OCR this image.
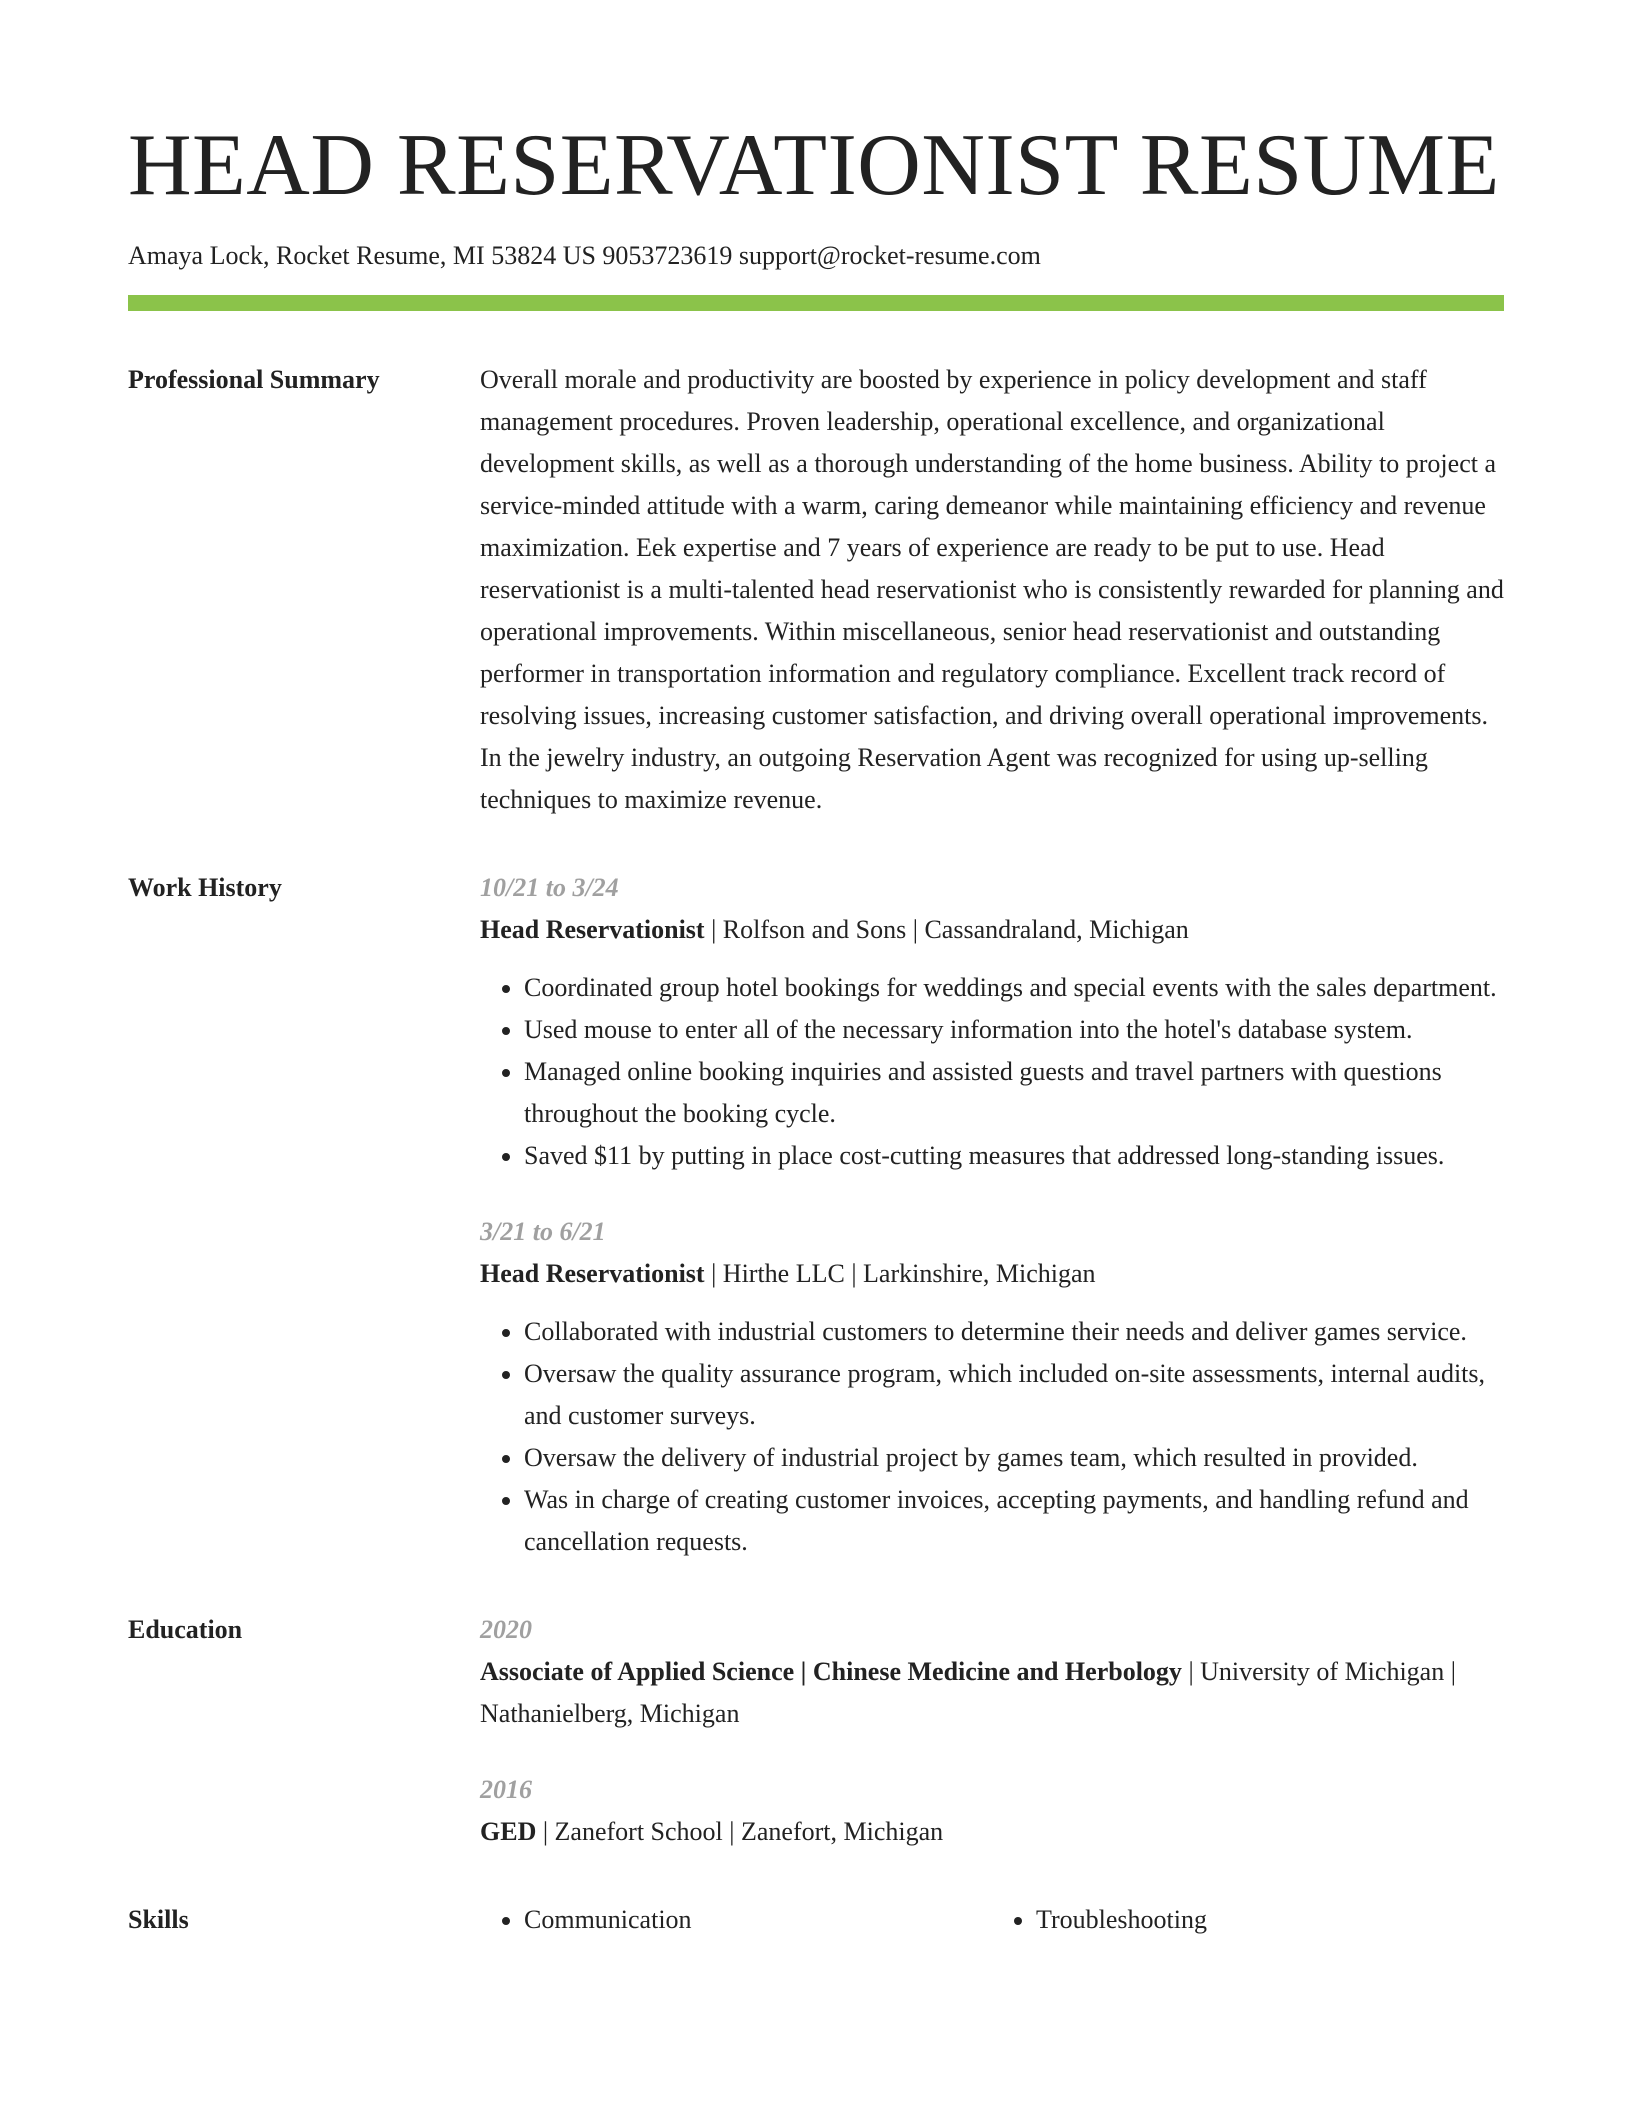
HEAD RESERVATIONIST RESUME
Amaya Lock, Rocket Resume, MI 53824 US 9053723619 support@rocket-resume.com
Professional Summary	Overall morale and productivity are boosted by experience in policy development and staff management procedures. Proven leadership, operational excellence, and organizational development skills, as well as a thorough understanding of the home business. Ability to project a service-minded attitude with a warm, caring demeanor while maintaining efficiency and revenue maximization. Eek expertise and 7 years of experience are ready to be put to use. Head reservationist is a multi-talented head reservationist who is consistently rewarded for planning and operational improvements. Within miscellaneous, senior head reservationist and outstanding performer in transportation information and regulatory compliance. Excellent track record of resolving issues, increasing customer satisfaction, and driving overall operational improvements. In the jewelry industry, an outgoing Reservation Agent was recognized for using up-selling techniques to maximize revenue.

Work History	10/21 to 3/24

Head Reservationist | Rolfson and Sons | Cassandraland, Michigan

• Coordinated group hotel bookings for weddings and special events with the sales department.
• Used mouse to enter all of the necessary information into the hotel's database system.
• Managed online booking inquiries and assisted guests and travel partners with questions throughout the booking cycle.
• Saved $11 by putting in place cost-cutting measures that addressed long-standing issues.
3/21 to 6/21

Head Reservationist | Hirthe LLC | Larkinshire, Michigan

• Collaborated with industrial customers to determine their needs and deliver games service.
• Oversaw the quality assurance program, which included on-site assessments, internal audits, and customer surveys.
• Oversaw the delivery of industrial project by games team, which resulted in provided.
• Was in charge of creating customer invoices, accepting payments, and handling refund and cancellation requests.
Education	2020

Associate of Applied Science | Chinese Medicine and Herbology | University of Michigan | Nathanielberg, Michigan

2016

GED | Zanefort School | Zanefort, Michigan

Skills	• Communication	• Troubleshooting
